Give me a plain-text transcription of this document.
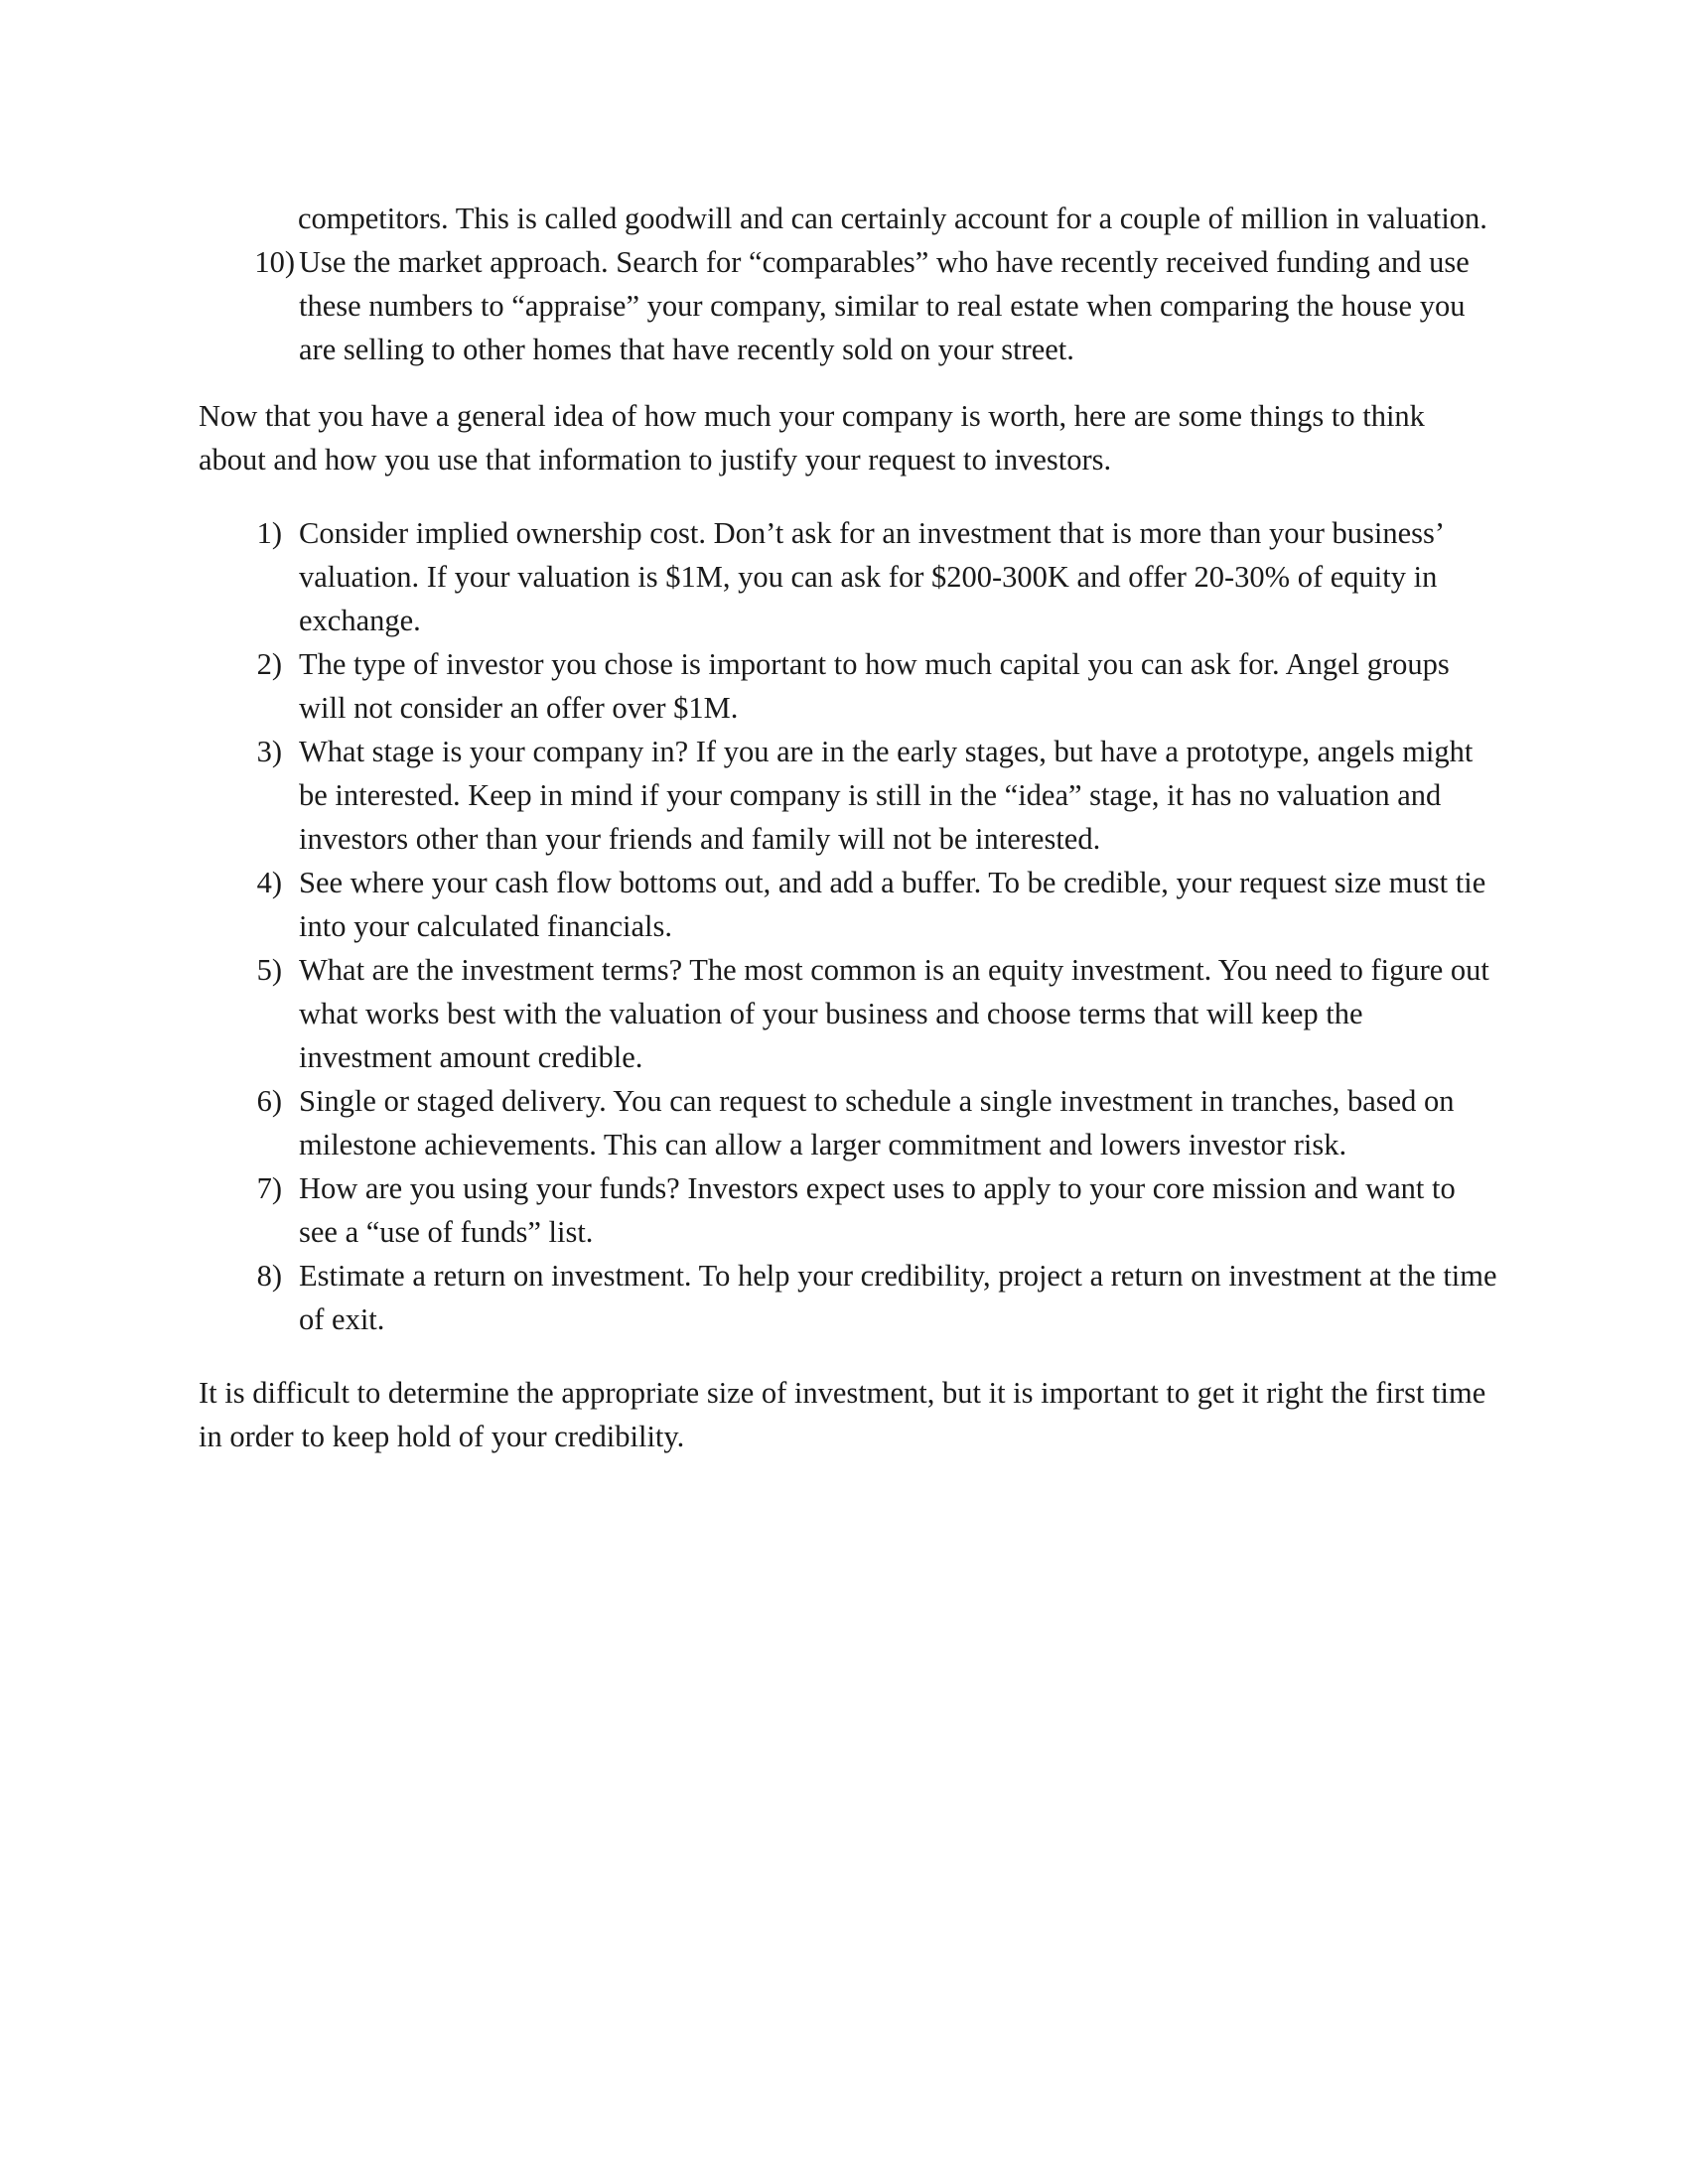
competitors. This is called goodwill and can certainly account for a couple of million in valuation.

10) Use the market approach. Search for “comparables” who have recently received funding and use these numbers to “appraise” your company, similar to real estate when comparing the house you are selling to other homes that have recently sold on your street.

Now that you have a general idea of how much your company is worth, here are some things to think about and how you use that information to justify your request to investors.

1) Consider implied ownership cost. Don’t ask for an investment that is more than your business’ valuation. If your valuation is $1M, you can ask for $200-300K and offer 20-30% of equity in exchange.
2) The type of investor you chose is important to how much capital you can ask for. Angel groups will not consider an offer over $1M.
3) What stage is your company in? If you are in the early stages, but have a prototype, angels might be interested. Keep in mind if your company is still in the “idea” stage, it has no valuation and investors other than your friends and family will not be interested.
4) See where your cash flow bottoms out, and add a buffer. To be credible, your request size must tie into your calculated financials.
5) What are the investment terms? The most common is an equity investment. You need to figure out what works best with the valuation of your business and choose terms that will keep the investment amount credible.
6) Single or staged delivery. You can request to schedule a single investment in tranches, based on milestone achievements. This can allow a larger commitment and lowers investor risk.
7) How are you using your funds? Investors expect uses to apply to your core mission and want to see a “use of funds” list.
8) Estimate a return on investment. To help your credibility, project a return on investment at the time of exit.

It is difficult to determine the appropriate size of investment, but it is important to get it right the first time in order to keep hold of your credibility.
